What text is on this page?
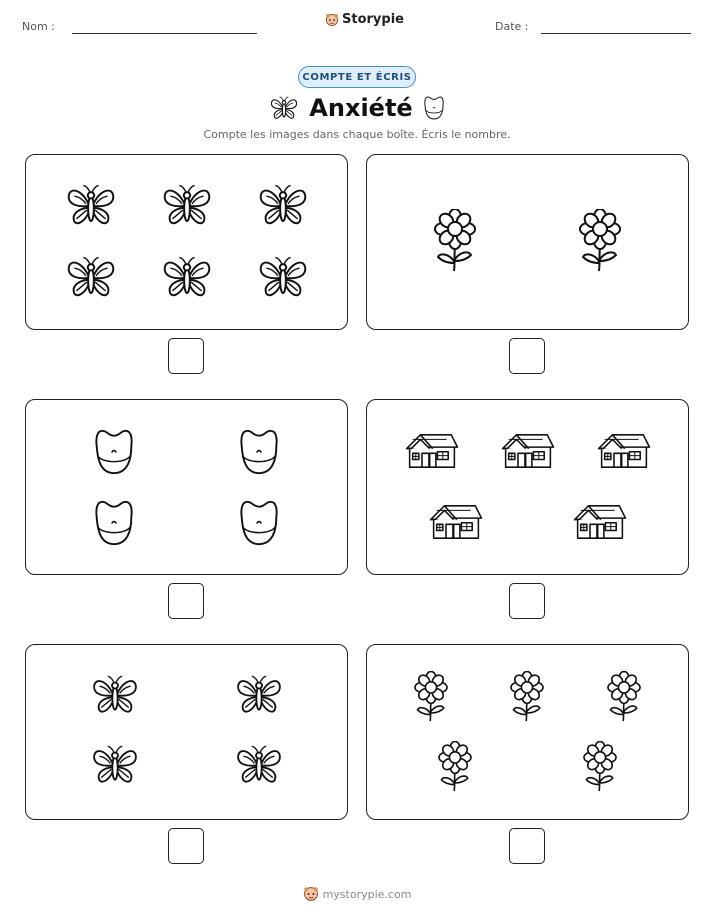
Nom :	Storypie	Date :
COMPTE ET ÉCRIS
Anxiété
Compte les images dans chaque boîte. Écris le nombre.
mystorypie.com
